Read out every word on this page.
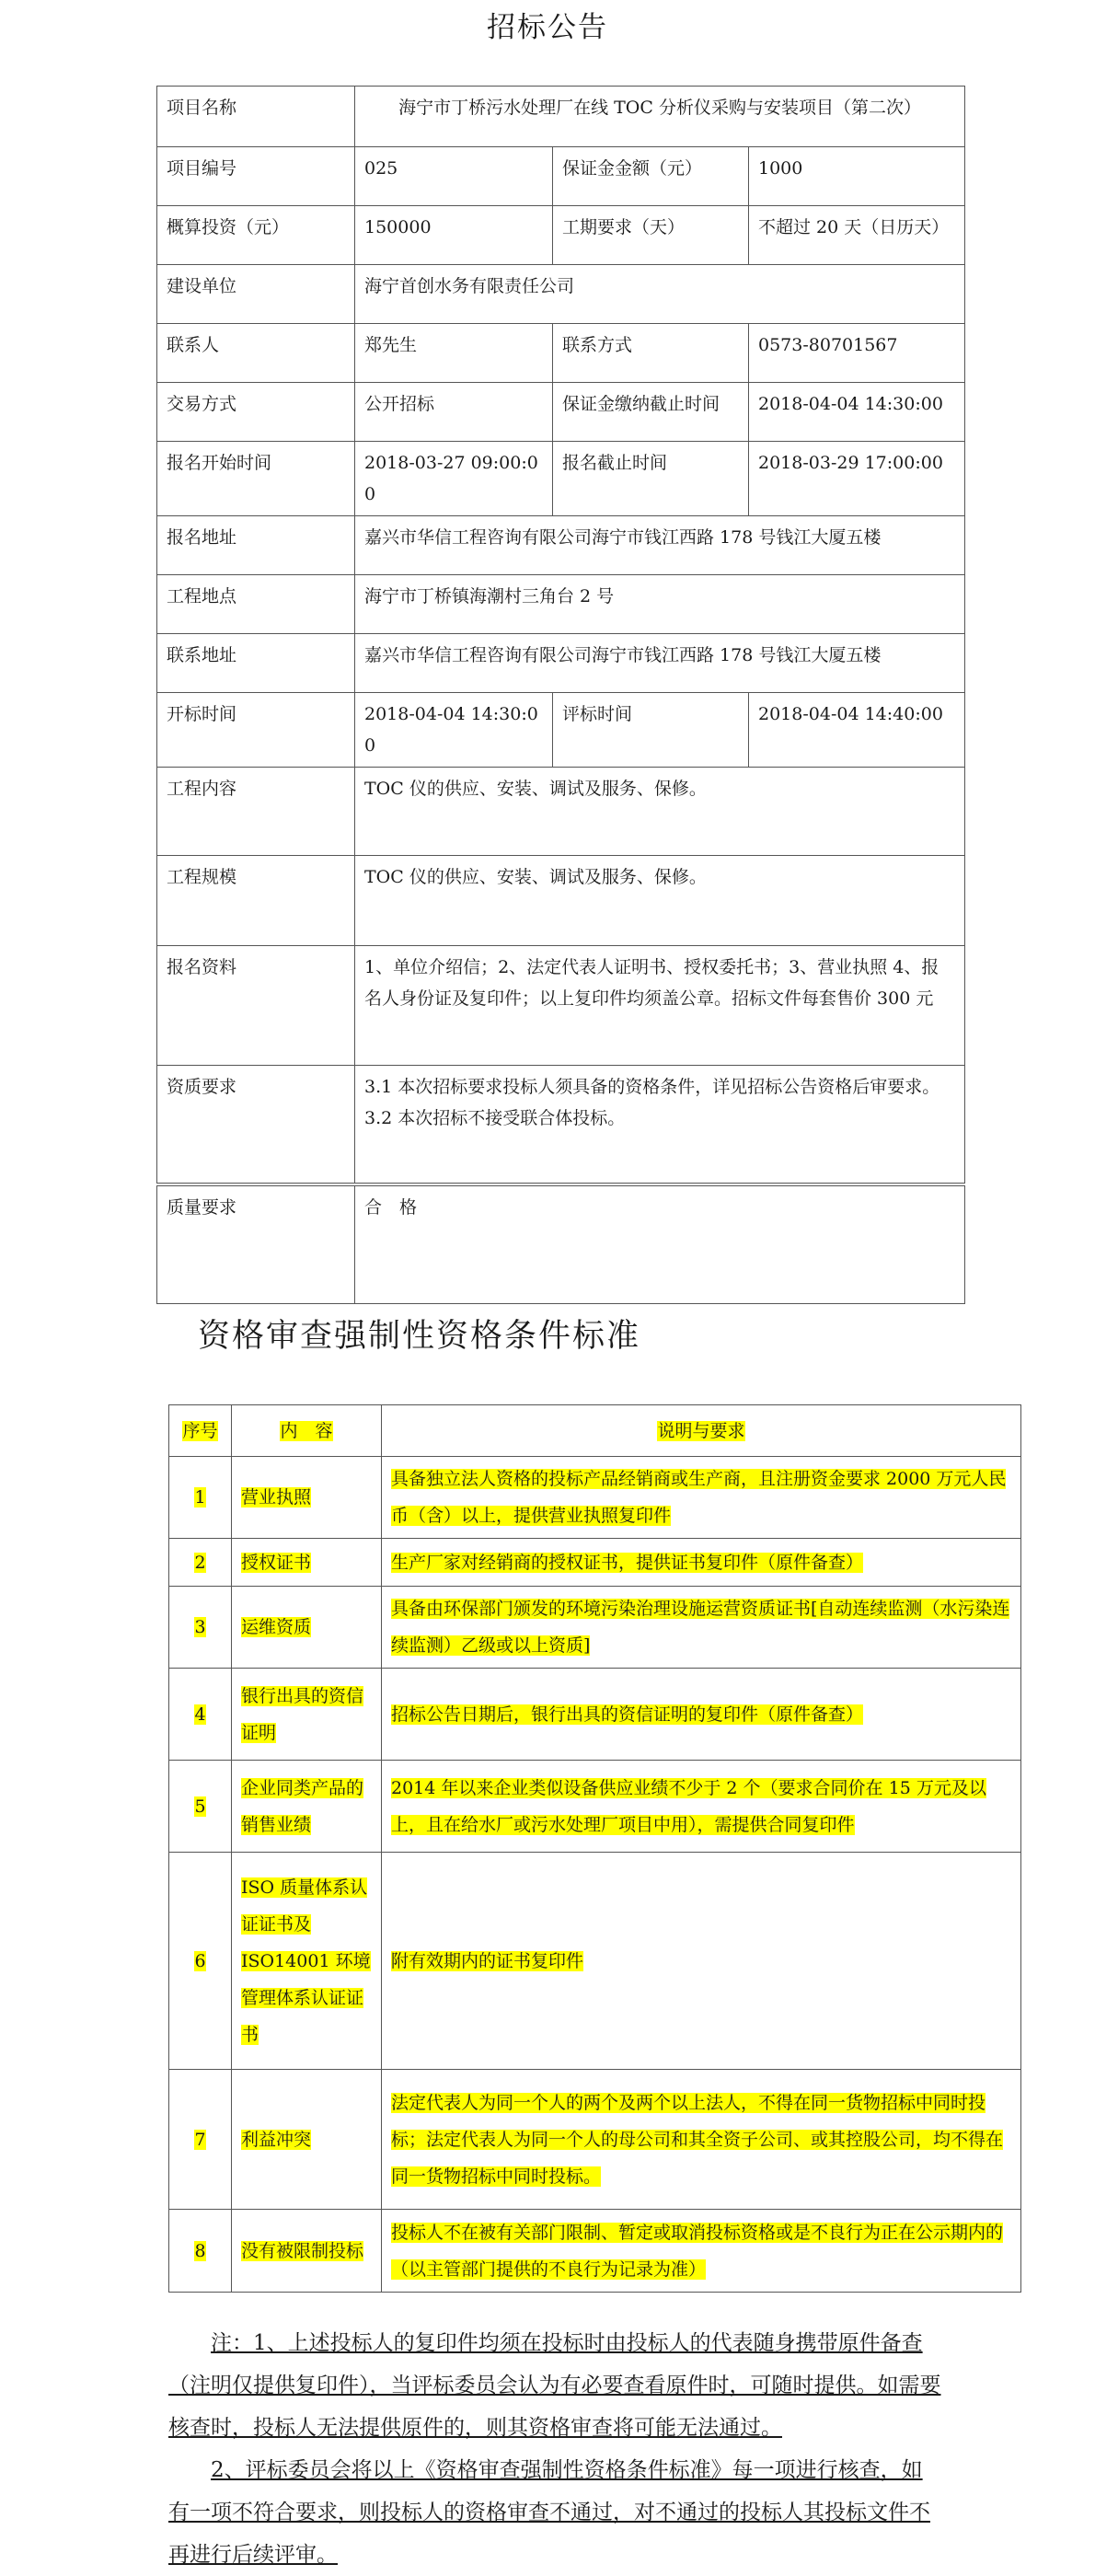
招标公告
项目名称	海宁市丁桥污水处理厂在线 TOC 分析仪采购与安装项目（第二次）		
项目编号	025	保证金金额（元）	1000
概算投资（元）	150000	工期要求（天）	不超过 20 天（日历天）
建设单位	海宁首创水务有限责任公司		
联系人	郑先生	联系方式	0573-80701567
交易方式	公开招标	保证金缴纳截止时间	2018-04-04 14:30:00
报名开始时间	2018-03-27 09:00:00	报名截止时间	2018-03-29 17:00:00
报名地址	嘉兴市华信工程咨询有限公司海宁市钱江西路 178 号钱江大厦五楼		
工程地点	海宁市丁桥镇海潮村三角台 2 号		
联系地址	嘉兴市华信工程咨询有限公司海宁市钱江西路 178 号钱江大厦五楼		
开标时间	2018-04-04 14:30:00	评标时间	2018-04-04 14:40:00
工程内容	TOC 仪的供应、安装、调试及服务、保修。		
工程规模	TOC 仪的供应、安装、调试及服务、保修。		
报名资料	1、单位介绍信；2、法定代表人证明书、授权委托书；3、营业执照 4、报名人身份证及复印件；以上复印件均须盖公章。招标文件每套售价 300 元		
资质要求	3.1 本次招标要求投标人须具备的资格条件，详见招标公告资格后审要求。3.2 本次招标不接受联合体投标。		
质量要求	合　格
资格审查强制性资格条件标准
序号	内　容	说明与要求
1	营业执照	具备独立法人资格的投标产品经销商或生产商，且注册资金要求 2000 万元人民币（含）以上，提供营业执照复印件
2	授权证书	生产厂家对经销商的授权证书，提供证书复印件（原件备查）
3	运维资质	具备由环保部门颁发的环境污染治理设施运营资质证书[自动连续监测（水污染连续监测）乙级或以上资质]
4	银行出具的资信证明	招标公告日期后，银行出具的资信证明的复印件（原件备查）
5	企业同类产品的销售业绩	2014 年以来企业类似设备供应业绩不少于 2 个（要求合同价在 15 万元及以上，且在给水厂或污水处理厂项目中用），需提供合同复印件
6	ISO 质量体系认证证书及 ISO14001 环境管理体系认证证书	附有效期内的证书复印件
7	利益冲突	法定代表人为同一个人的两个及两个以上法人，不得在同一货物招标中同时投标；法定代表人为同一个人的母公司和其全资子公司、或其控股公司，均不得在同一货物招标中同时投标。
8	没有被限制投标	投标人不在被有关部门限制、暂定或取消投标资格或是不良行为正在公示期内的（以主管部门提供的不良行为记录为准）

注：1、上述投标人的复印件均须在投标时由投标人的代表随身携带原件备查（注明仅提供复印件），当评标委员会认为有必要查看原件时，可随时提供。如需要核查时，投标人无法提供原件的，则其资格审查将可能无法通过。

2、评标委员会将以上《资格审查强制性资格条件标准》每一项进行核查，如有一项不符合要求，则投标人的资格审查不通过，对不通过的投标人其投标文件不再进行后续评审。
